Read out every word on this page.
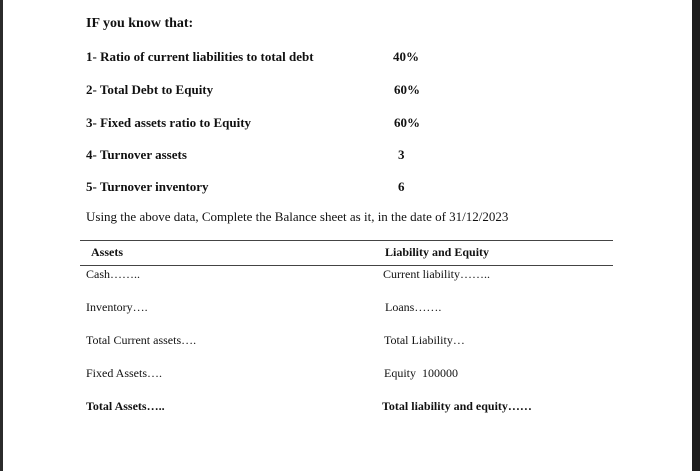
IF you know that:
1- Ratio of current liabilities to total debt	40%
2- Total Debt to Equity	60%
3- Fixed assets ratio to Equity	60%
4- Turnover assets	3
5- Turnover inventory	6
Using the above data, Complete the Balance sheet as it, in the date of 31/12/2023
Assets	Liability and Equity
Cash……..	Current liability……..
Inventory….	Loans…….
Total Current assets….	Total Liability…
Fixed Assets….	Equity  100000
Total Assets…..	Total liability and equity……
